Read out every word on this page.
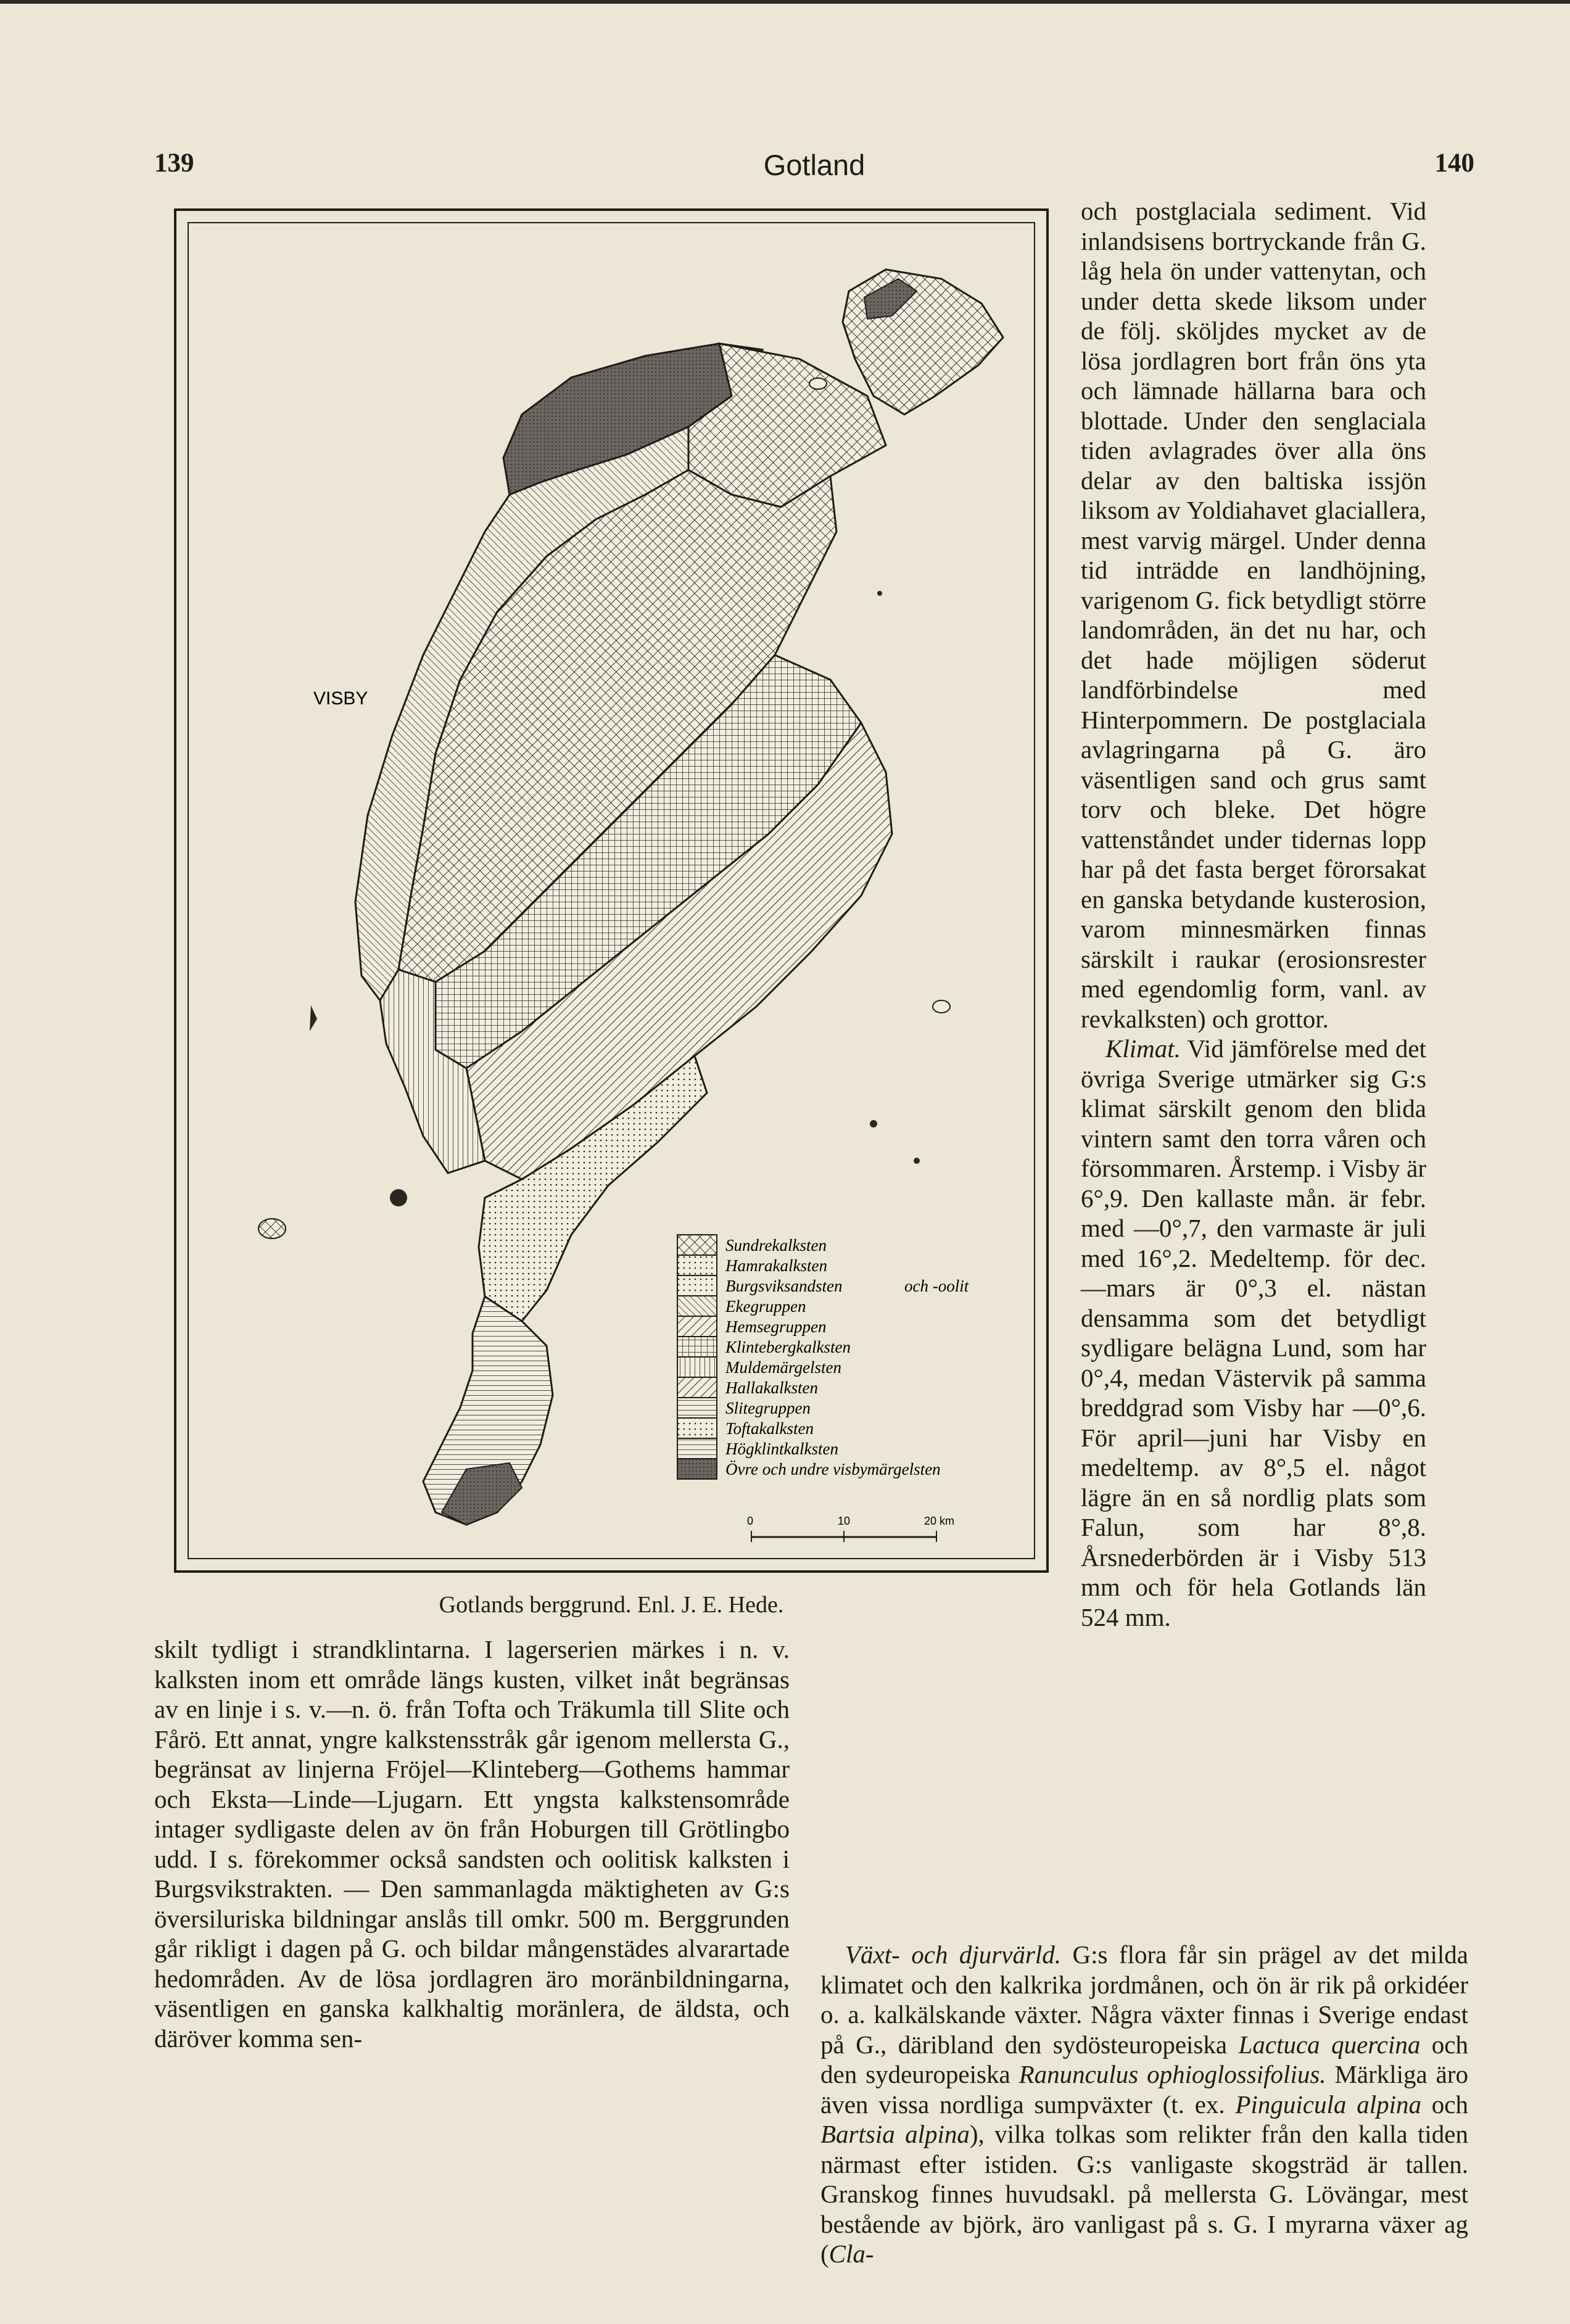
139	Gotland	140
VISBY
Sundrekalksten
Hamrakalksten
Burgsviksandsten	och -oolit
Ekegruppen
Hemsegruppen
Klintebergkalksten
Muldemärgelsten
Hallakalksten
Slitegruppen
Toftakalksten
Högklintkalksten
Övre och undre visbymärgelsten
0	10	20 km
Gotlands berggrund. Enl. J. E. Hede.

och postglaciala sediment. Vid inlandsisens bortryckande från G. låg hela ön under vattenytan, och under detta skede liksom under de följ. sköljdes mycket av de lösa jordlagren bort från öns yta och lämnade hällarna bara och blottade. Under den senglaciala tiden avlagrades över alla öns delar av den baltiska issjön liksom av Yoldiahavet glaciallera, mest varvig märgel. Under denna tid inträdde en landhöjning, varigenom G. fick betydligt större landområden, än det nu har, och det hade möjligen söderut landförbindelse med Hinterpommern. De postglaciala avlagringarna på G. äro väsentligen sand och grus samt torv och bleke. Det högre vattenståndet under tidernas lopp har på det fasta berget förorsakat en ganska betydande kusterosion, varom minnesmärken finnas särskilt i raukar (erosionsrester med egendomlig form, vanl. av revkalksten) och grottor.

Klimat. Vid jämförelse med det övriga Sverige utmärker sig G:s klimat särskilt genom den blida vintern samt den torra våren och försommaren. Årstemp. i Visby är 6°,9. Den kallaste mån. är febr. med —0°,7, den varmaste är juli med 16°,2. Medeltemp. för dec.—mars är 0°,3 el. nästan densamma som det betydligt sydligare belägna Lund, som har 0°,4, medan Västervik på samma breddgrad som Visby har —0°,6. För april—juni har Visby en medeltemp. av 8°,5 el. något lägre än en så nordlig plats som Falun, som har 8°,8. Årsnederbörden är i Visby 513 mm och för hela Gotlands län 524 mm.

skilt tydligt i strandklintarna. I lagerserien märkes i n. v. kalksten inom ett område längs kusten, vilket inåt begränsas av en linje i s. v.—n. ö. från Tofta och Träkumla till Slite och Fårö. Ett annat, yngre kalkstensstråk går igenom mellersta G., begränsat av linjerna Fröjel—Klinteberg—Gothems hammar och Eksta—Linde—Ljugarn. Ett yngsta kalkstensområde intager sydligaste delen av ön från Hoburgen till Grötlingbo udd. I s. förekommer också sandsten och oolitisk kalksten i Burgsvikstrakten. — Den sammanlagda mäktigheten av G:s översiluriska bildningar anslås till omkr. 500 m. Berggrunden går rikligt i dagen på G. och bildar mångenstädes alvarartade hedområden. Av de lösa jordlagren äro moränbildningarna, väsentligen en ganska kalkhaltig moränlera, de äldsta, och däröver komma sen-

Växt- och djurvärld. G:s flora får sin prägel av det milda klimatet och den kalkrika jordmånen, och ön är rik på orkidéer o. a. kalkälskande växter. Några växter finnas i Sverige endast på G., däribland den sydösteuropeiska Lactuca quercina och den sydeuropeiska Ranunculus ophioglossifolius. Märkliga äro även vissa nordliga sumpväxter (t. ex. Pinguicula alpina och Bartsia alpina), vilka tolkas som relikter från den kalla tiden närmast efter istiden. G:s vanligaste skogsträd är tallen. Granskog finnes huvudsakl. på mellersta G. Lövängar, mest bestående av björk, äro vanligast på s. G. I myrarna växer ag (Cla-
